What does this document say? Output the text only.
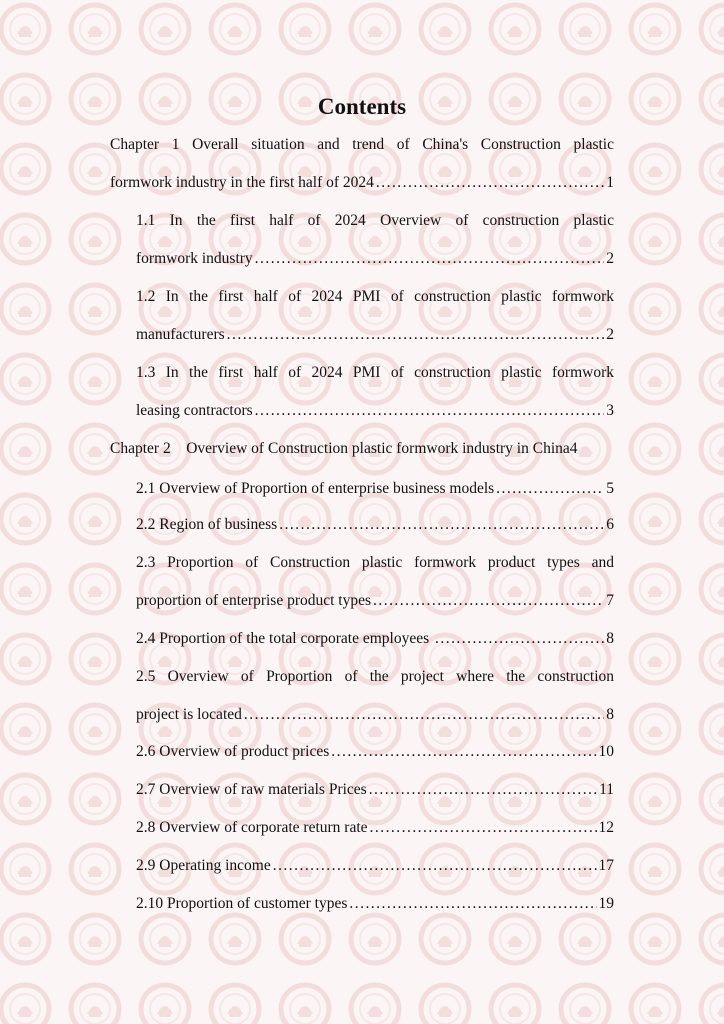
Contents
Chapter 1 Overall situation and trend of China's Construction plastic
formwork industry in the first half of 2024 . . .	1
1.1 In the first half of 2024 Overview of construction plastic
formwork industry . . .	2
1.2 In the first half of 2024 PMI of construction plastic formwork
manufacturers . . .	2
1.3 In the first half of 2024 PMI of construction plastic formwork
leasing contractors . . .	3
Chapter 2    Overview of Construction plastic formwork industry in China4
2.1 Overview of Proportion of enterprise business models . . .	5
2.2 Region of business . . .	6
2.3 Proportion of Construction plastic formwork product types and
proportion of enterprise product types . . .	7
2.4 Proportion of the total corporate employees . . .	8
2.5 Overview of Proportion of the project where the construction
project is located . . .	8
2.6 Overview of product prices . . .	10
2.7 Overview of raw materials Prices . . .	11
2.8 Overview of corporate return rate . . .	12
2.9 Operating income . . .	17
2.10 Proportion of customer types . . .	19
